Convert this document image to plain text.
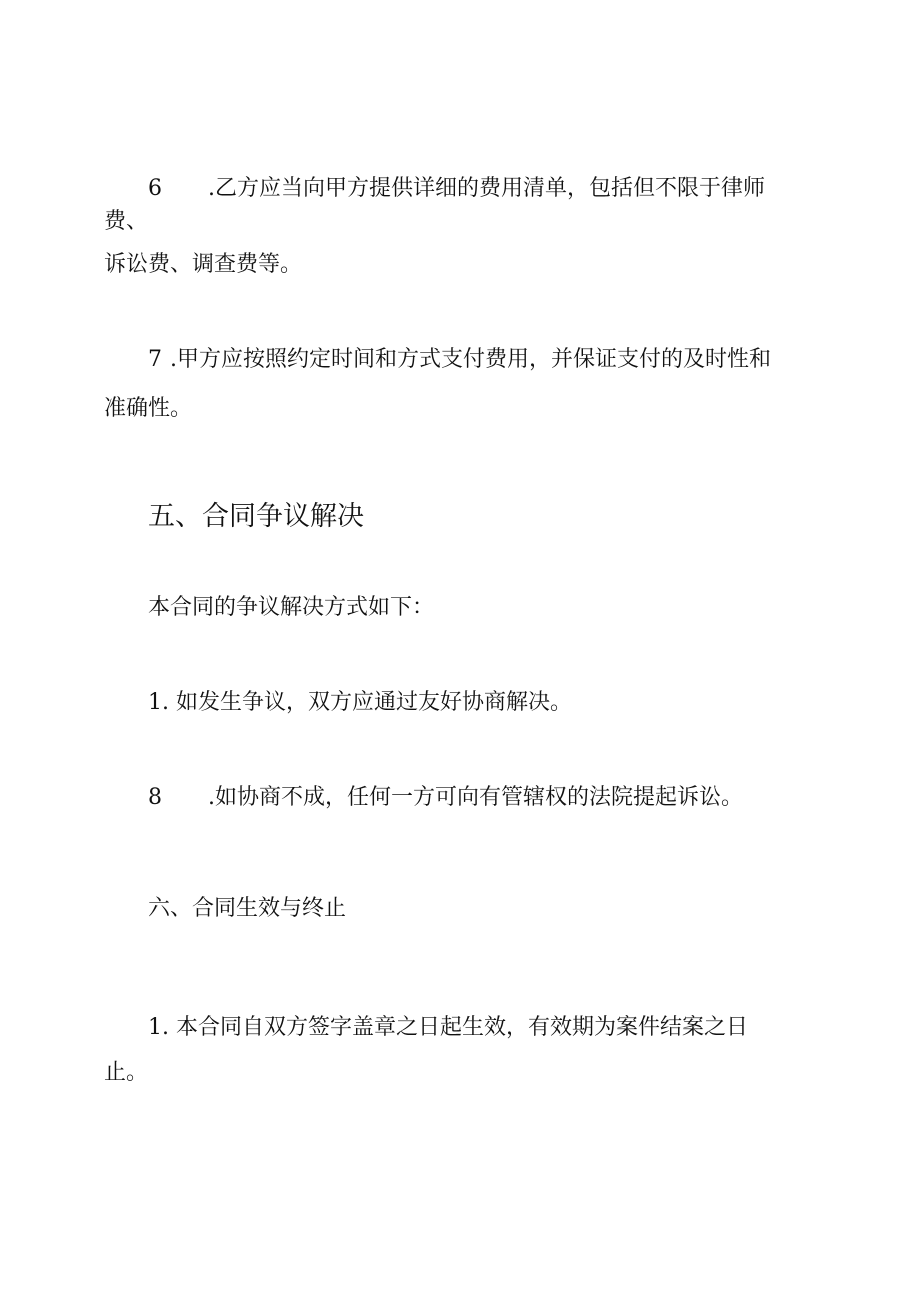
6 .乙方应当向甲方提供详细的费用清单，包括但不限于律师

费、

诉讼费、调查费等。

7 .甲方应按照约定时间和方式支付费用，并保证支付的及时性和

准确性。

五、合同争议解决

本合同的争议解决方式如下：

1. 如发生争议，双方应通过友好协商解决。

8 .如协商不成，任何一方可向有管辖权的法院提起诉讼。

六、合同生效与终止

1. 本合同自双方签字盖章之日起生效，有效期为案件结案之日

止。
